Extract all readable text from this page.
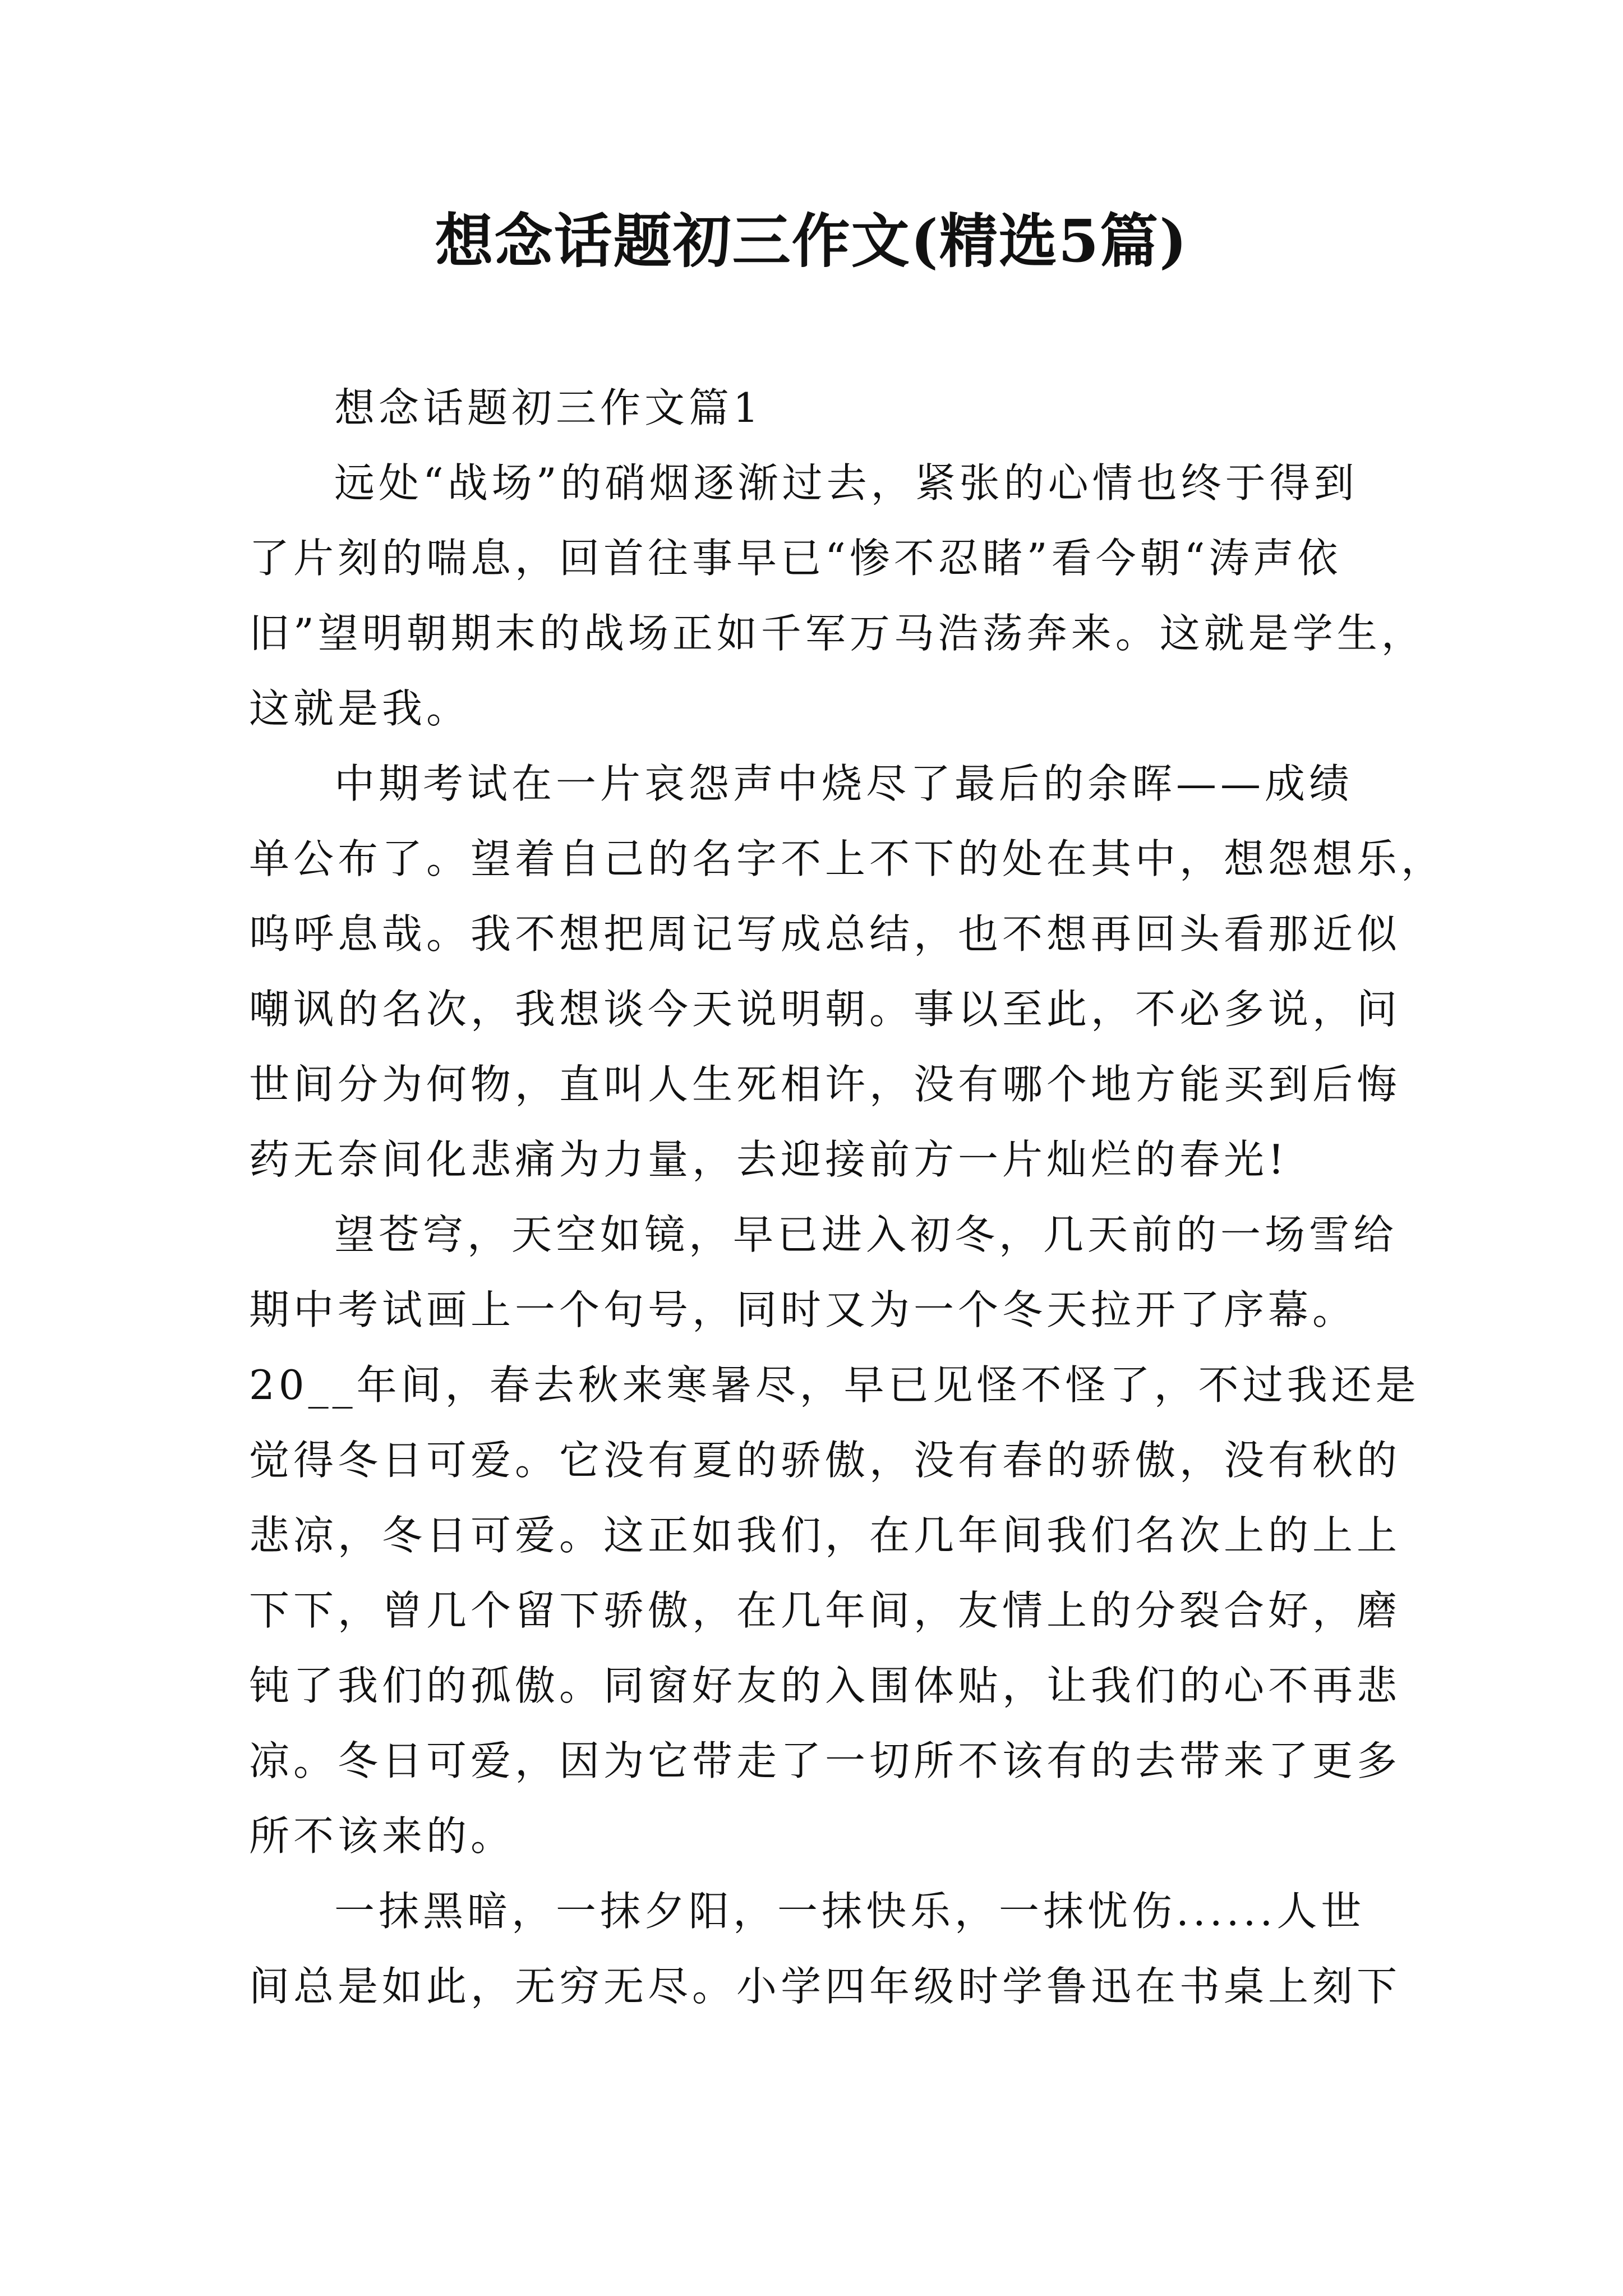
想念话题初三作文(精选5篇)
想念话题初三作文篇1
远处“战场”的硝烟逐渐过去，紧张的心情也终于得到
了片刻的喘息，回首往事早已“惨不忍睹”看今朝“涛声依
旧”望明朝期末的战场正如千军万马浩荡奔来。这就是学生，
这就是我。
中期考试在一片哀怨声中烧尽了最后的余晖——成绩
单公布了。望着自己的名字不上不下的处在其中，想怨想乐，
呜呼息哉。我不想把周记写成总结，也不想再回头看那近似
嘲讽的名次，我想谈今天说明朝。事以至此，不必多说，问
世间分为何物，直叫人生死相许，没有哪个地方能买到后悔
药无奈间化悲痛为力量，去迎接前方一片灿烂的春光!
望苍穹，天空如镜，早已进入初冬，几天前的一场雪给
期中考试画上一个句号，同时又为一个冬天拉开了序幕。
20__年间，春去秋来寒暑尽，早已见怪不怪了，不过我还是
觉得冬日可爱。它没有夏的骄傲，没有春的骄傲，没有秋的
悲凉，冬日可爱。这正如我们，在几年间我们名次上的上上
下下，曾几个留下骄傲，在几年间，友情上的分裂合好，磨
钝了我们的孤傲。同窗好友的入围体贴，让我们的心不再悲
凉。冬日可爱，因为它带走了一切所不该有的去带来了更多
所不该来的。
一抹黑暗，一抹夕阳，一抹快乐，一抹忧伤......人世
间总是如此，无穷无尽。小学四年级时学鲁迅在书桌上刻下
